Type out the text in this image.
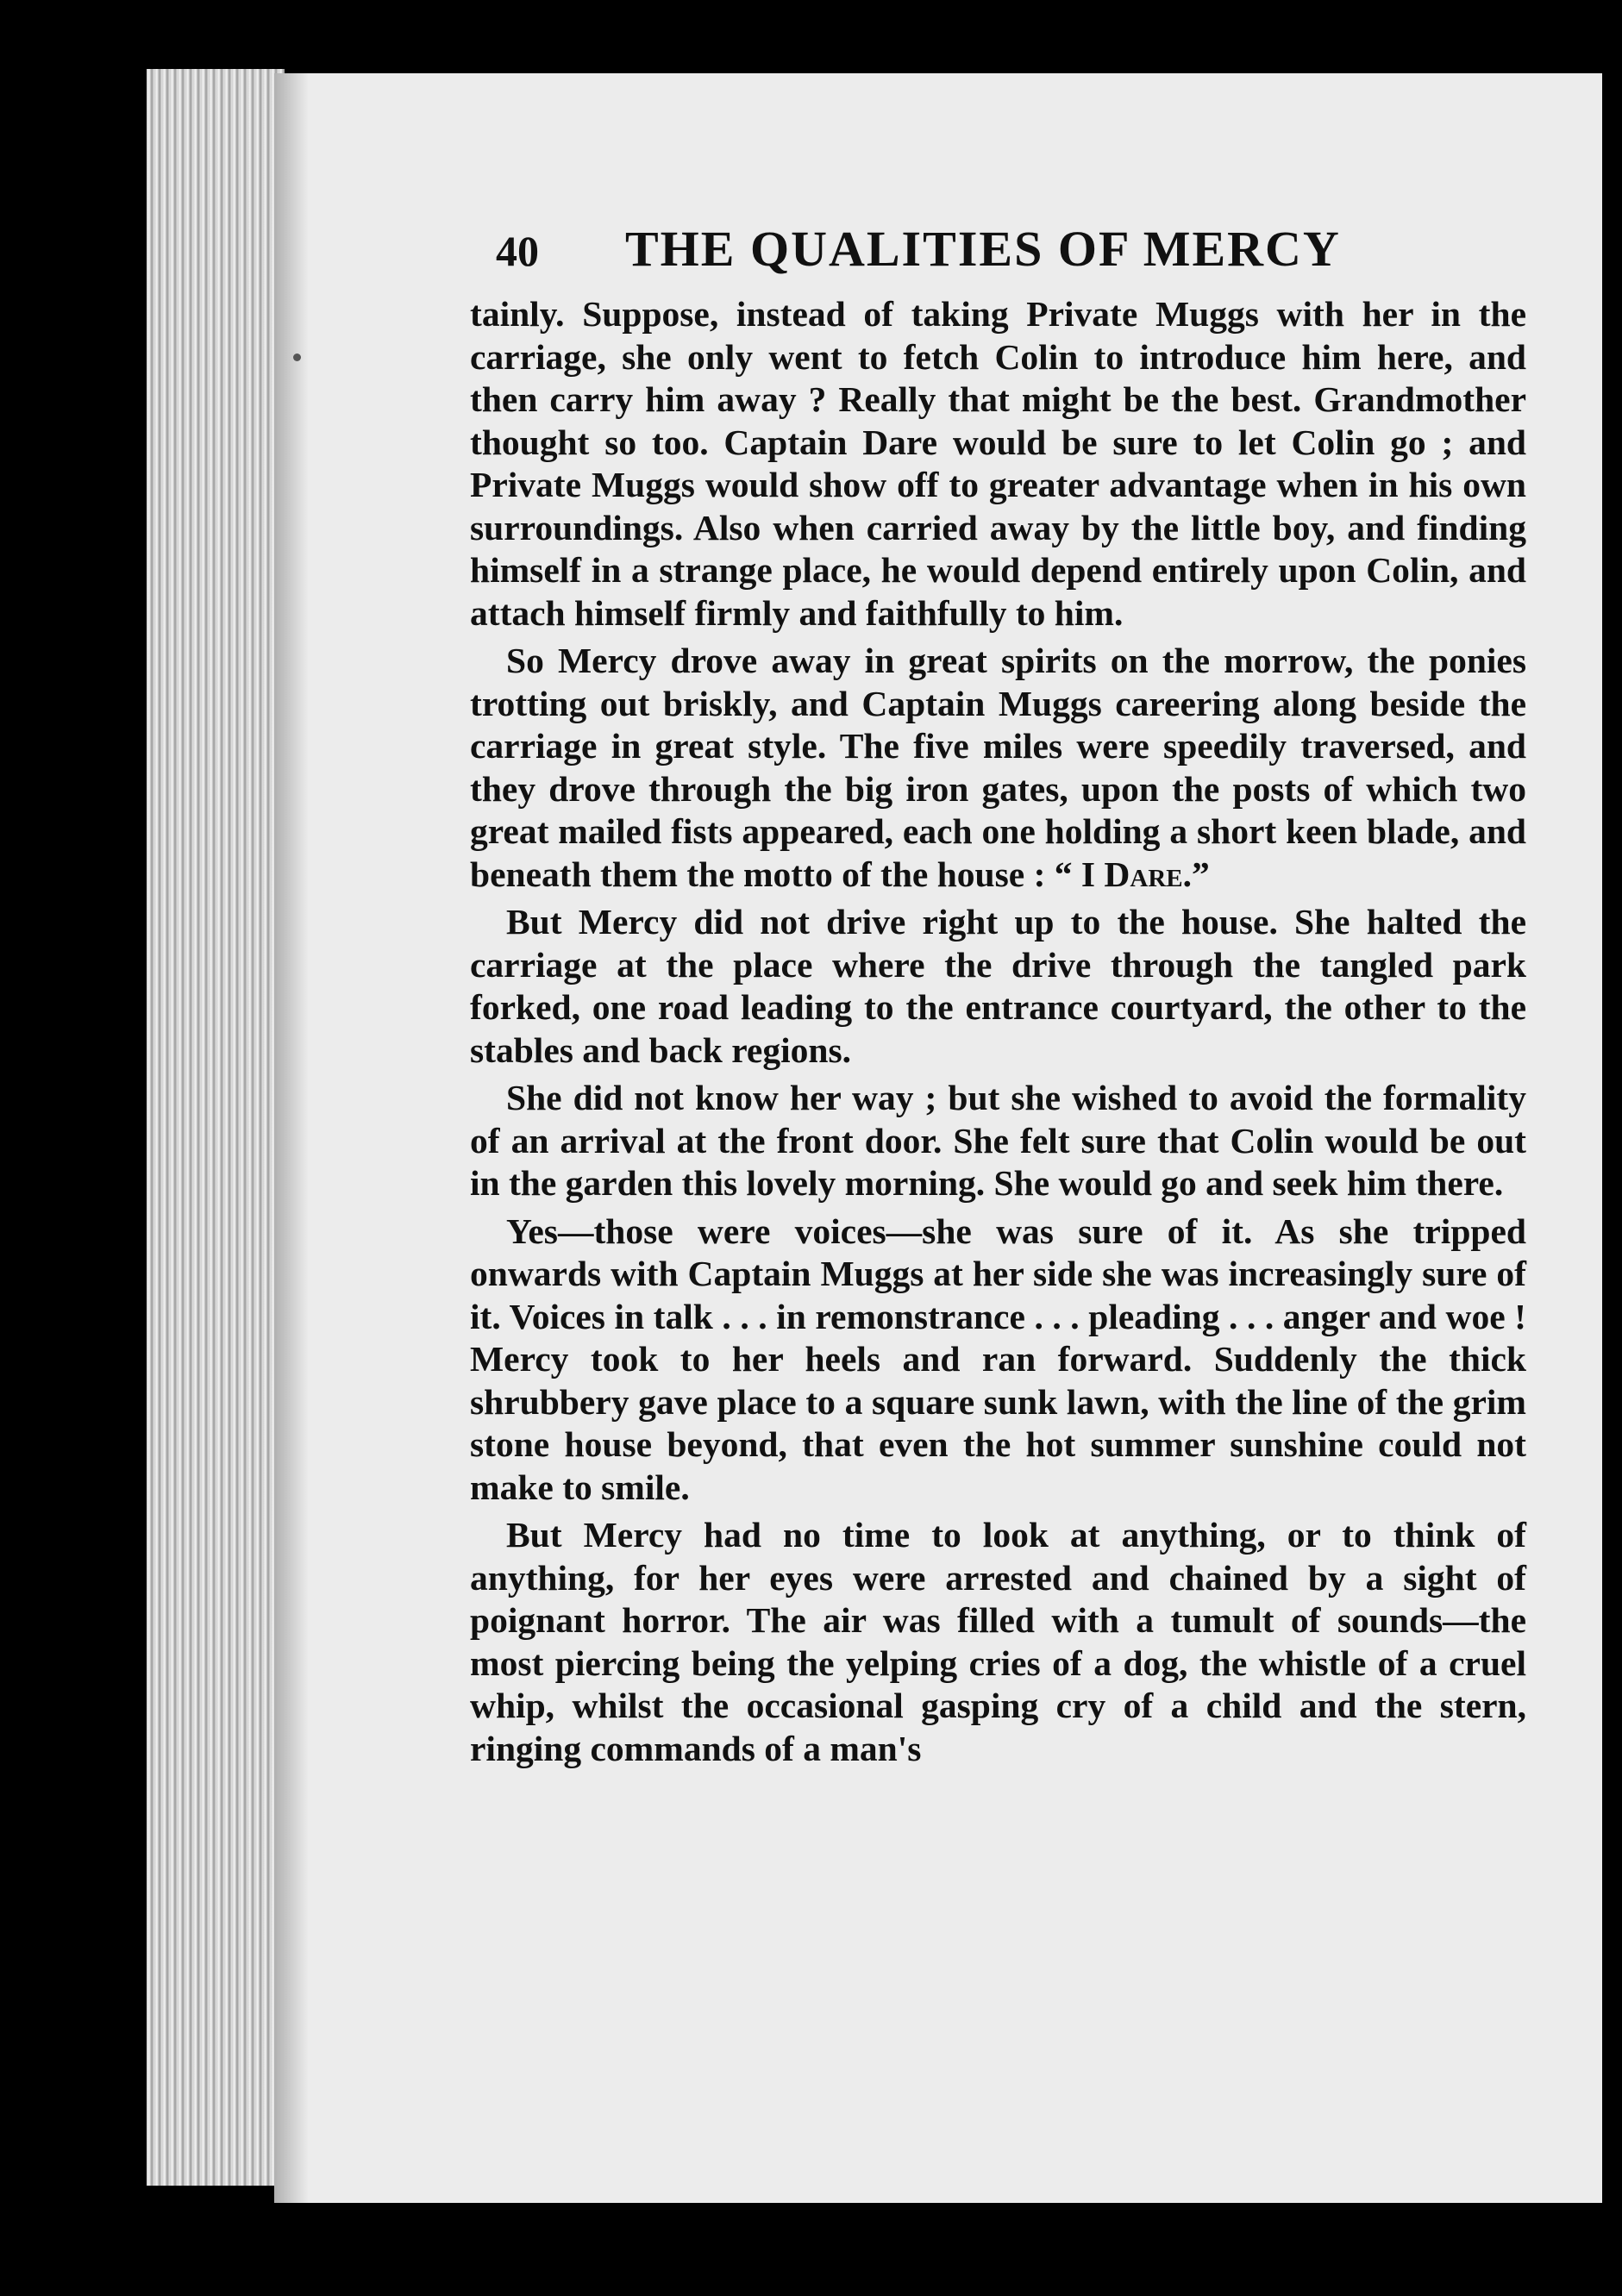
40	THE QUALITIES OF MERCY

tainly. Suppose, instead of taking Private Muggs with her in the carriage, she only went to fetch Colin to introduce him here, and then carry him away ? Really that might be the best. Grandmother thought so too. Captain Dare would be sure to let Colin go ; and Private Muggs would show off to greater advantage when in his own surroundings. Also when carried away by the little boy, and finding himself in a strange place, he would depend entirely upon Colin, and attach himself firmly and faithfully to him.

So Mercy drove away in great spirits on the morrow, the ponies trotting out briskly, and Captain Muggs careering along beside the carriage in great style. The five miles were speedily traversed, and they drove through the big iron gates, upon the posts of which two great mailed fists appeared, each one holding a short keen blade, and beneath them the motto of the house : “ I Dare.”

But Mercy did not drive right up to the house. She halted the carriage at the place where the drive through the tangled park forked, one road leading to the entrance courtyard, the other to the stables and back regions.

She did not know her way ; but she wished to avoid the formality of an arrival at the front door. She felt sure that Colin would be out in the garden this lovely morning. She would go and seek him there.

Yes—those were voices—she was sure of it. As she tripped onwards with Captain Muggs at her side she was increasingly sure of it. Voices in talk . . . in remonstrance . . . pleading . . . anger and woe ! Mercy took to her heels and ran forward. Suddenly the thick shrubbery gave place to a square sunk lawn, with the line of the grim stone house beyond, that even the hot summer sunshine could not make to smile.

But Mercy had no time to look at anything, or to think of anything, for her eyes were arrested and chained by a sight of poignant horror. The air was filled with a tumult of sounds—the most piercing being the yelping cries of a dog, the whistle of a cruel whip, whilst the occasional gasping cry of a child and the stern, ringing commands of a man's
